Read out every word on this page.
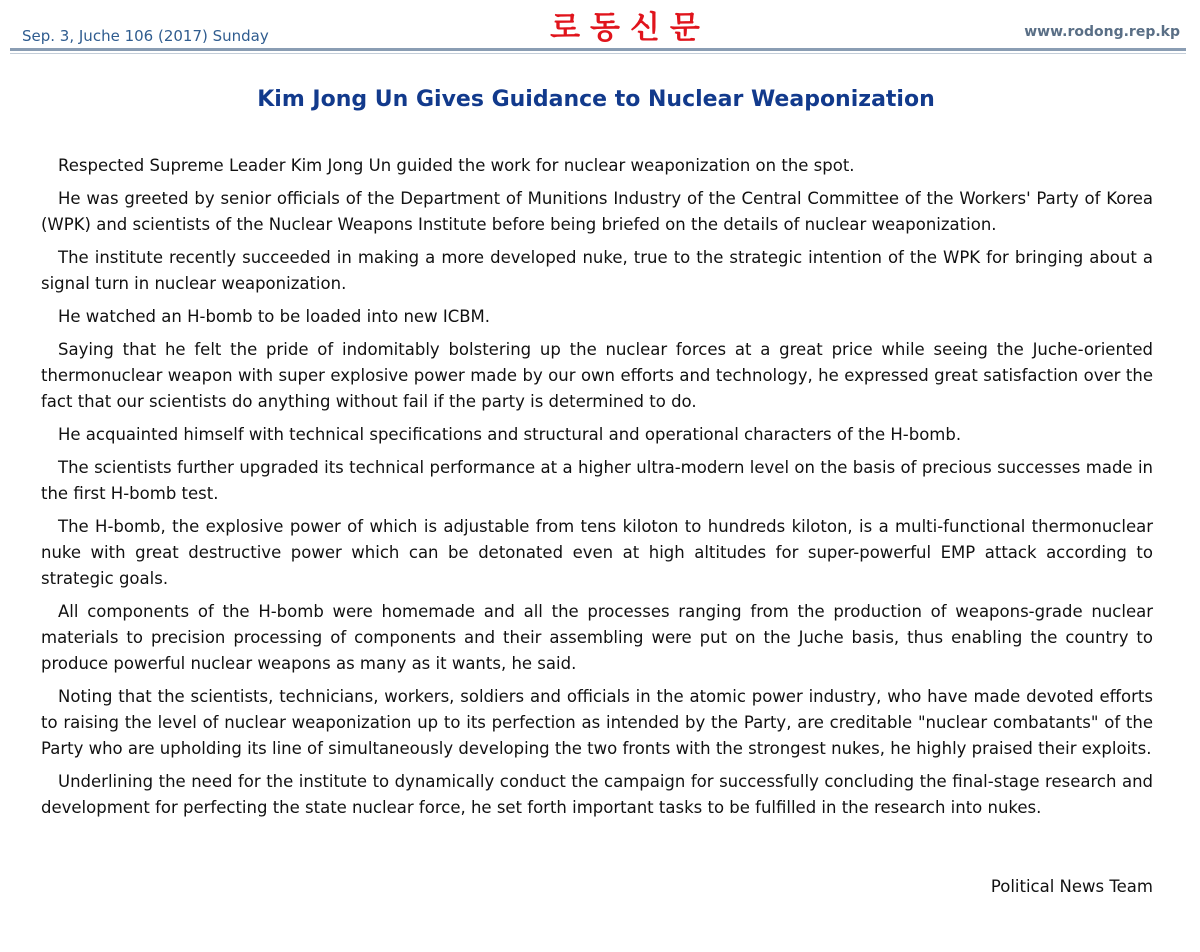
Sep. 3, Juche 106 (2017) Sunday	로동신문	www.rodong.rep.kp
Kim Jong Un Gives Guidance to Nuclear Weaponization

Respected Supreme Leader Kim Jong Un guided the work for nuclear weaponization on the spot.

He was greeted by senior officials of the Department of Munitions Industry of the Central Committee of the Workers' Party of Korea (WPK) and scientists of the Nuclear Weapons Institute before being briefed on the details of nuclear weaponization.

The institute recently succeeded in making a more developed nuke, true to the strategic intention of the WPK for bringing about a signal turn in nuclear weaponization.

He watched an H-bomb to be loaded into new ICBM.

Saying that he felt the pride of indomitably bolstering up the nuclear forces at a great price while seeing the Juche-oriented thermonuclear weapon with super explosive power made by our own efforts and technology, he expressed great satisfaction over the fact that our scientists do anything without fail if the party is determined to do.

He acquainted himself with technical specifications and structural and operational characters of the H-bomb.

The scientists further upgraded its technical performance at a higher ultra-modern level on the basis of precious successes made in the first H-bomb test.

The H-bomb, the explosive power of which is adjustable from tens kiloton to hundreds kiloton, is a multi-functional thermonuclear nuke with great destructive power which can be detonated even at high altitudes for super-powerful EMP attack according to strategic goals.

All components of the H-bomb were homemade and all the processes ranging from the production of weapons-grade nuclear materials to precision processing of components and their assembling were put on the Juche basis, thus enabling the country to produce powerful nuclear weapons as many as it wants, he said.

Noting that the scientists, technicians, workers, soldiers and officials in the atomic power industry, who have made devoted efforts to raising the level of nuclear weaponization up to its perfection as intended by the Party, are creditable "nuclear combatants" of the Party who are upholding its line of simultaneously developing the two fronts with the strongest nukes, he highly praised their exploits.

Underlining the need for the institute to dynamically conduct the campaign for successfully concluding the final-stage research and development for perfecting the state nuclear force, he set forth important tasks to be fulfilled in the research into nukes.

Political News Team
